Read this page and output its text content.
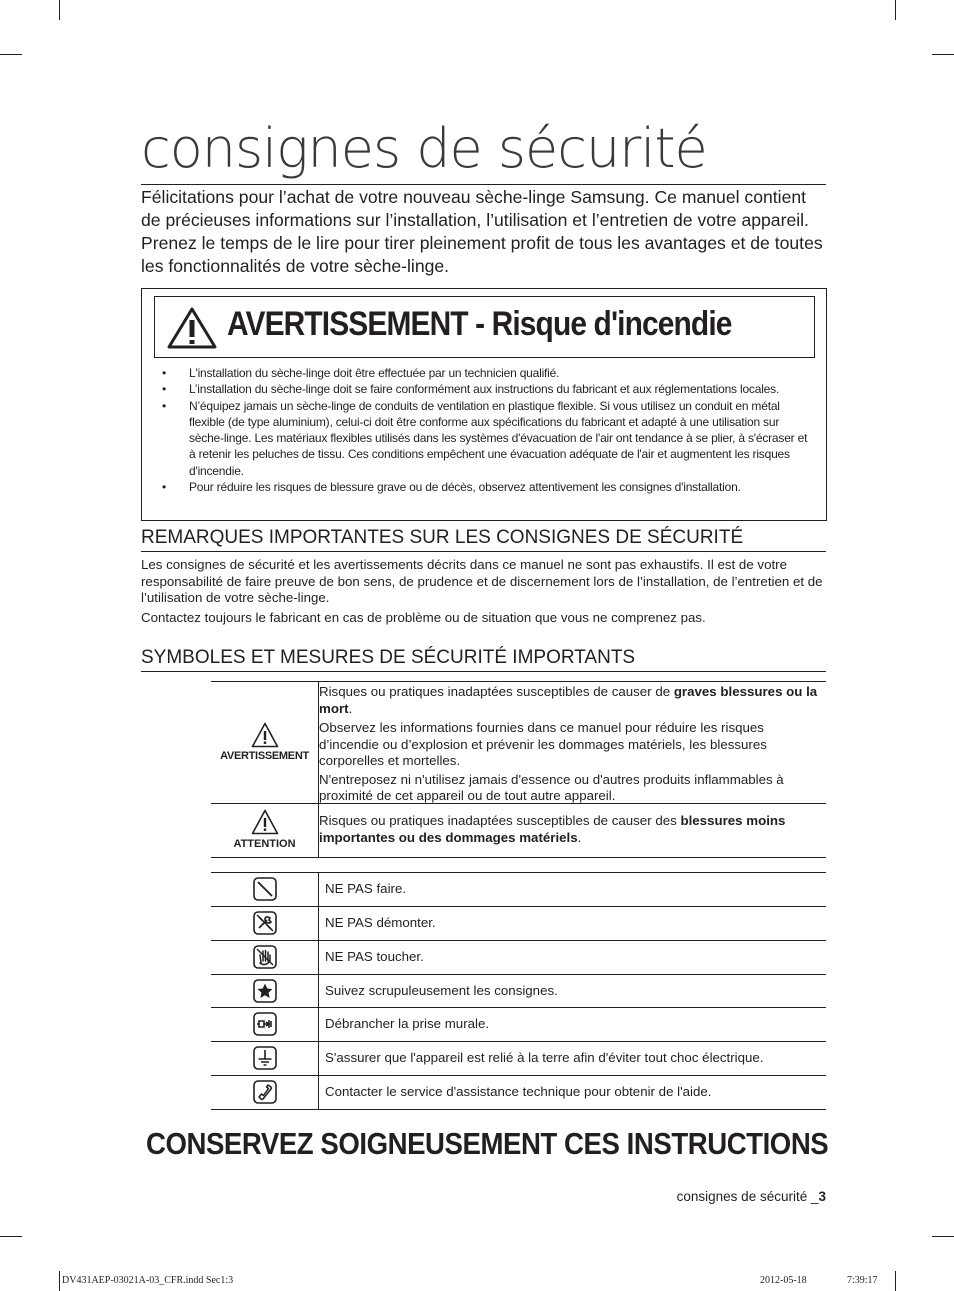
consignes de sécurité
Félicitations pour l’achat de votre nouveau sèche-linge Samsung. Ce manuel contient de précieuses informations sur l’installation, l’utilisation et l’entretien de votre appareil. Prenez le temps de le lire pour tirer pleinement profit de tous les avantages et de toutes les fonctionnalités de votre sèche-linge.
AVERTISSEMENT - Risque d'incendie
• L'installation du sèche-linge doit être effectuée par un technicien qualifié.
• L’installation du sèche-linge doit se faire conformément aux instructions du fabricant et aux réglementations locales.
• N’équipez jamais un sèche-linge de conduits de ventilation en plastique flexible. Si vous utilisez un conduit en métal flexible (de type aluminium), celui-ci doit être conforme aux spécifications du fabricant et adapté à une utilisation sur sèche-linge. Les matériaux flexibles utilisés dans les systèmes d'évacuation de l'air ont tendance à se plier, à s'écraser et à retenir les peluches de tissu. Ces conditions empêchent une évacuation adéquate de l'air et augmentent les risques d'incendie.
• Pour réduire les risques de blessure grave ou de décès, observez attentivement les consignes d'installation.
REMARQUES IMPORTANTES SUR LES CONSIGNES DE SÉCURITÉ
Les consignes de sécurité et les avertissements décrits dans ce manuel ne sont pas exhaustifs. Il est de votre responsabilité de faire preuve de bon sens, de prudence et de discernement lors de l’installation, de l’entretien et de l’utilisation de votre sèche-linge.
Contactez toujours le fabricant en cas de problème ou de situation que vous ne comprenez pas.
SYMBOLES ET MESURES DE SÉCURITÉ IMPORTANTS
AVERTISSEMENT
Risques ou pratiques inadaptées susceptibles de causer de graves blessures ou la mort.
Observez les informations fournies dans ce manuel pour réduire les risques d’incendie ou d’explosion et prévenir les dommages matériels, les blessures corporelles et mortelles.
N'entreposez ni n'utilisez jamais d'essence ou d'autres produits inflammables à proximité de cet appareil ou de tout autre appareil.
ATTENTION
Risques ou pratiques inadaptées susceptibles de causer des blessures moins importantes ou des dommages matériels.
NE PAS faire.
NE PAS démonter.
NE PAS toucher.
Suivez scrupuleusement les consignes.
Débrancher la prise murale.
S'assurer que l'appareil est relié à la terre afin d'éviter tout choc électrique.
Contacter le service d'assistance technique pour obtenir de l'aide.
CONSERVEZ SOIGNEUSEMENT CES INSTRUCTIONS
consignes de sécurité _3
DV431AEP-03021A-03_CFR.indd Sec1:3	2012-05-18	7:39:17
